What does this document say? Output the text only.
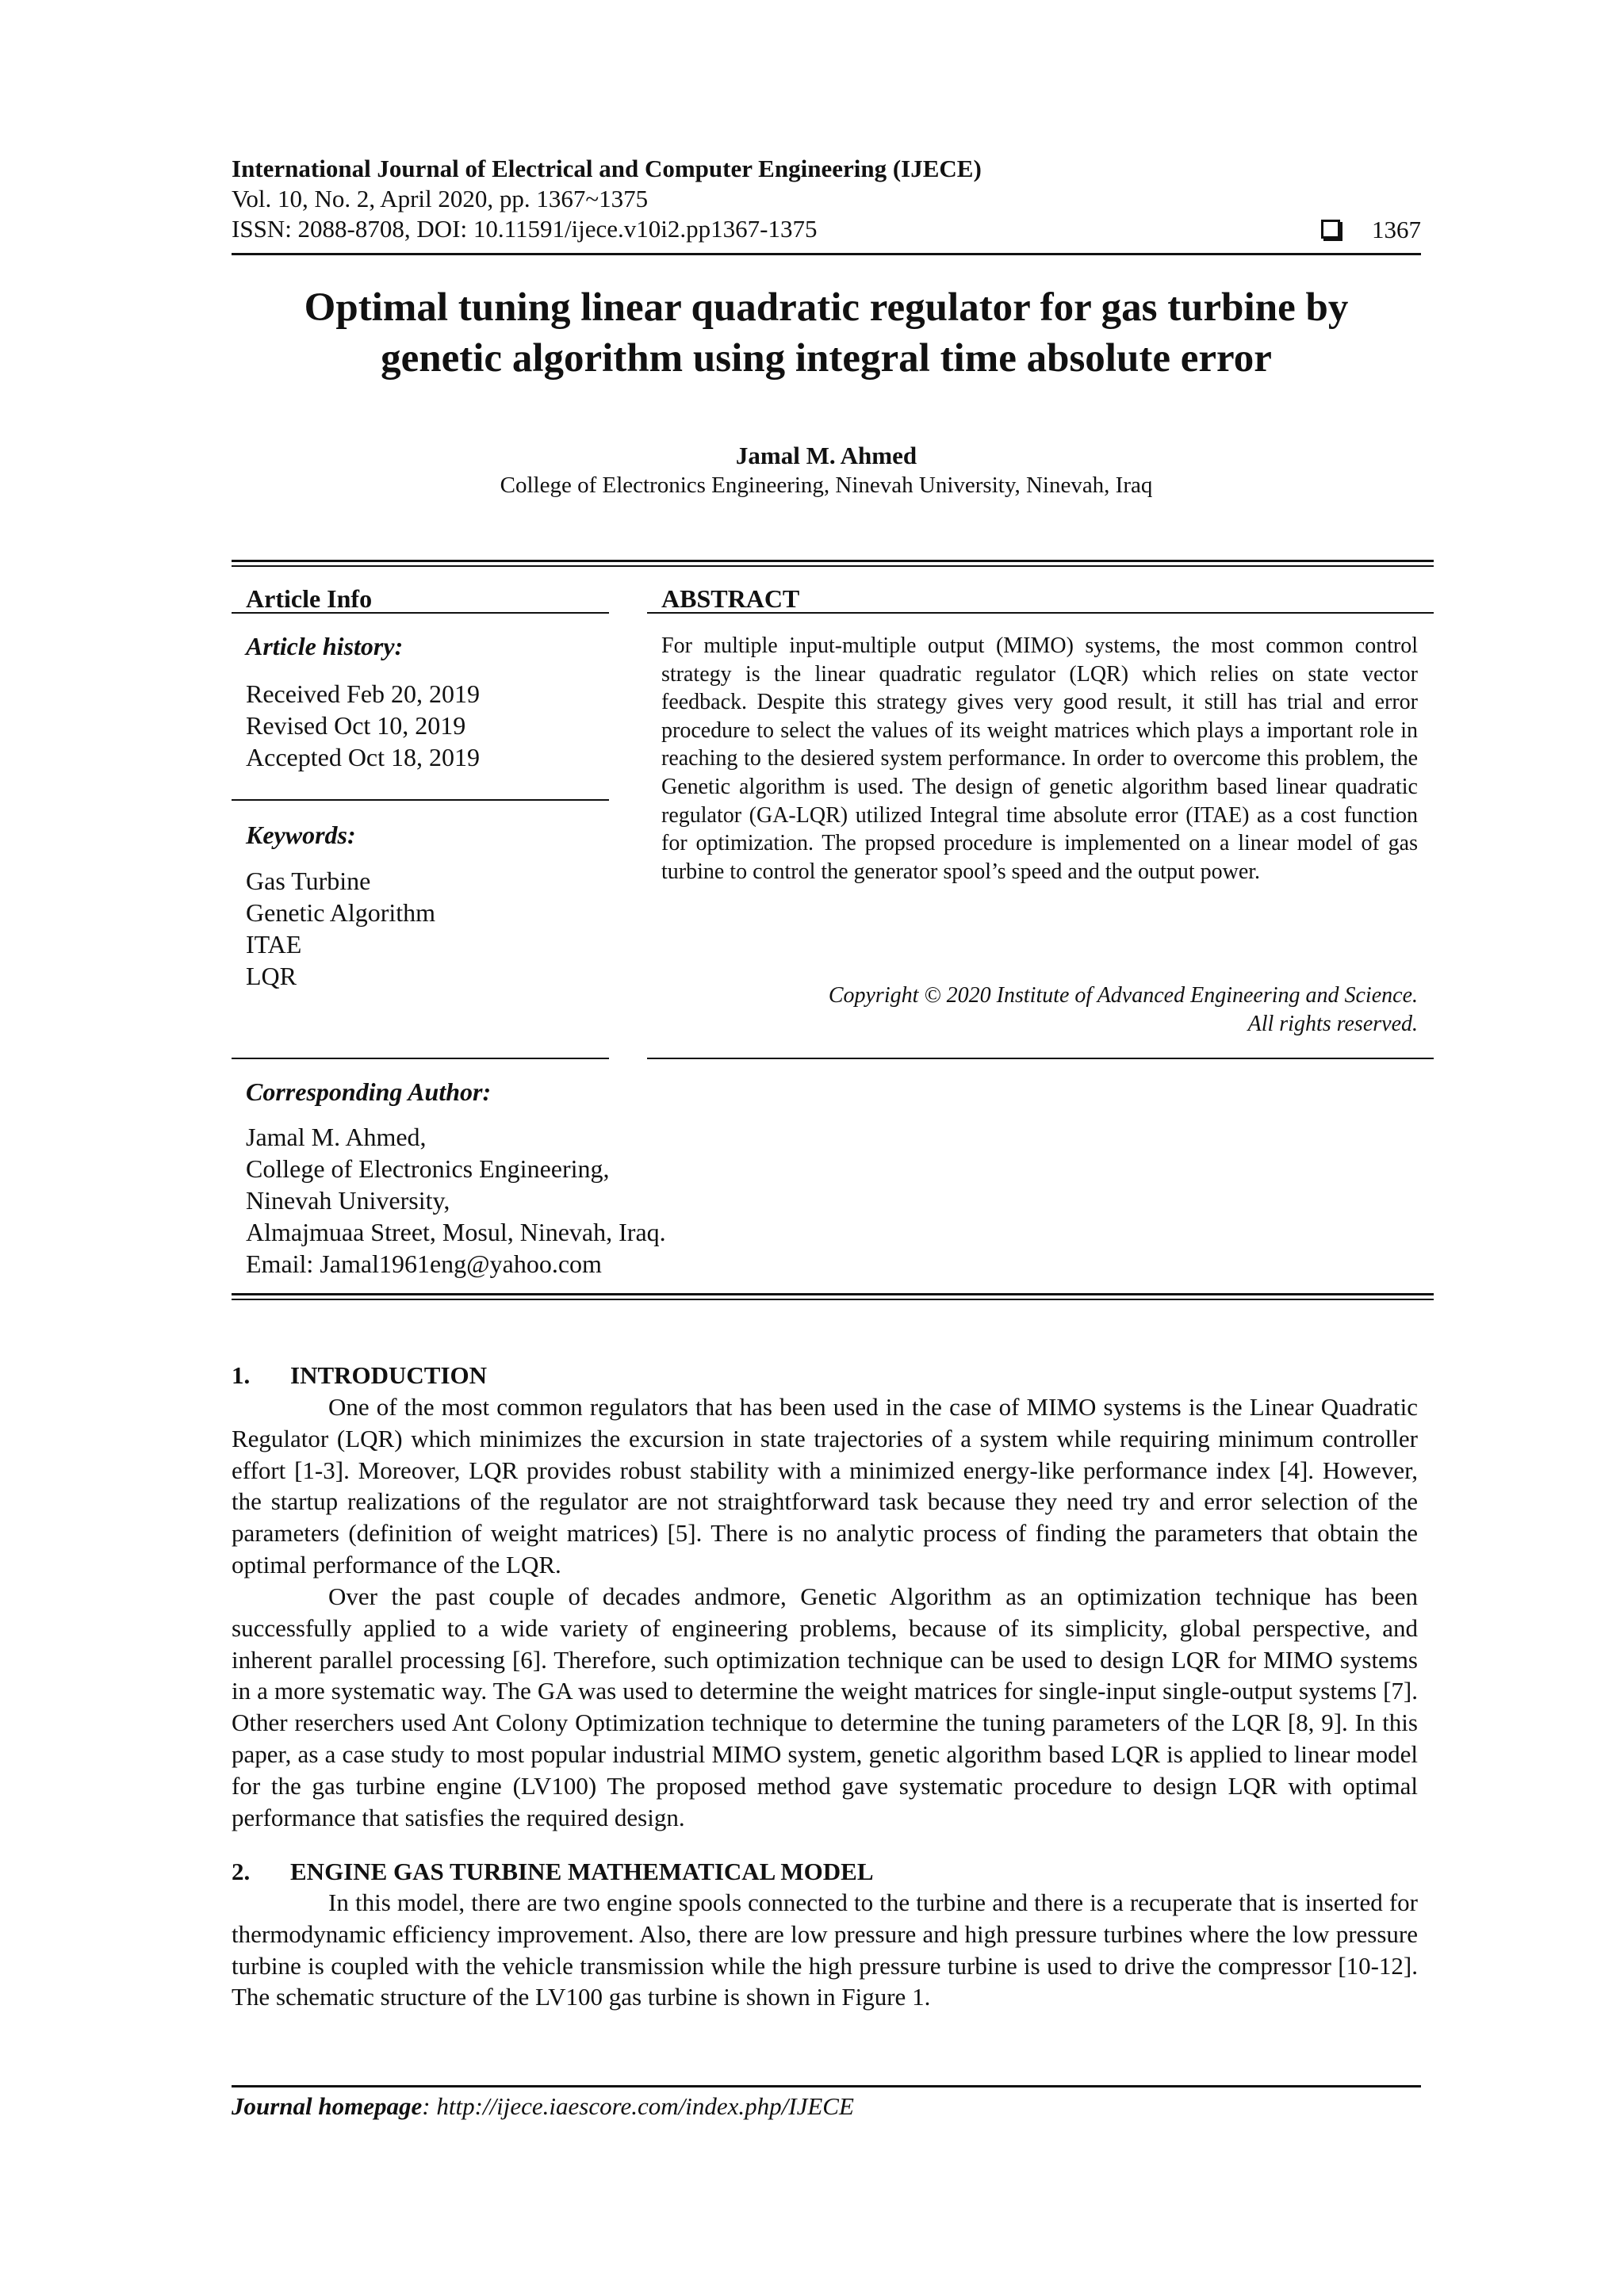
International Journal of Electrical and Computer Engineering (IJECE)
Vol. 10, No. 2, April 2020, pp. 1367~1375
ISSN: 2088-8708, DOI: 10.11591/ijece.v10i2.pp1367-1375	1367
Optimal tuning linear quadratic regulator for gas turbine by
genetic algorithm using integral time absolute error
Jamal M. Ahmed
College of Electronics Engineering, Ninevah University, Ninevah, Iraq
Article Info	ABSTRACT
Article history:
Received Feb 20, 2019
Revised Oct 10, 2019
Accepted Oct 18, 2019
Keywords:
Gas Turbine
Genetic Algorithm
ITAE
LQR
For multiple input-multiple output (MIMO) systems, the most common control strategy is the linear quadratic regulator (LQR) which relies on state vector feedback. Despite this strategy gives very good result, it still has trial and error procedure to select the values of its weight matrices which plays a important role in reaching to the desiered system performance. In order to overcome this problem, the Genetic algorithm is used. The design of genetic algorithm based linear quadratic regulator (GA-LQR) utilized Integral time absolute error (ITAE) as a cost function for optimization. The propsed procedure is implemented on a linear model of gas turbine to control the generator spool’s speed and the output power.
Copyright © 2020 Institute of Advanced Engineering and Science.
All rights reserved.
Corresponding Author:
Jamal M. Ahmed,
College of Electronics Engineering,
Ninevah University,
Almajmuaa Street, Mosul, Ninevah, Iraq.
Email: Jamal1961eng@yahoo.com
1. INTRODUCTION
One of the most common regulators that has been used in the case of MIMO systems is the Linear Quadratic Regulator (LQR) which minimizes the excursion in state trajectories of a system while requiring minimum controller effort [1-3]. Moreover, LQR provides robust stability with a minimized energy-like performance index [4]. However, the startup realizations of the regulator are not straightforward task because they need try and error selection of the parameters (definition of weight matrices) [5]. There is no analytic process of finding the parameters that obtain the optimal performance of the LQR.
Over the past couple of decades andmore, Genetic Algorithm as an optimization technique has been successfully applied to a wide variety of engineering problems, because of its simplicity, global perspective, and inherent parallel processing [6]. Therefore, such optimization technique can be used to design LQR for MIMO systems in a more systematic way. The GA was used to determine the weight matrices for single-input single-output systems [7]. Other reserchers used Ant Colony Optimization technique to determine the tuning parameters of the LQR [8, 9]. In this paper, as a case study to most popular industrial MIMO system, genetic algorithm based LQR is applied to linear model for the gas turbine engine (LV100) The proposed method gave systematic procedure to design LQR with optimal performance that satisfies the required design.
2. ENGINE GAS TURBINE MATHEMATICAL MODEL
In this model, there are two engine spools connected to the turbine and there is a recuperate that is inserted for thermodynamic efficiency improvement. Also, there are low pressure and high pressure turbines where the low pressure turbine is coupled with the vehicle transmission while the high pressure turbine is used to drive the compressor [10-12]. The schematic structure of the LV100 gas turbine is shown in Figure 1.
Journal homepage: http://ijece.iaescore.com/index.php/IJECE
